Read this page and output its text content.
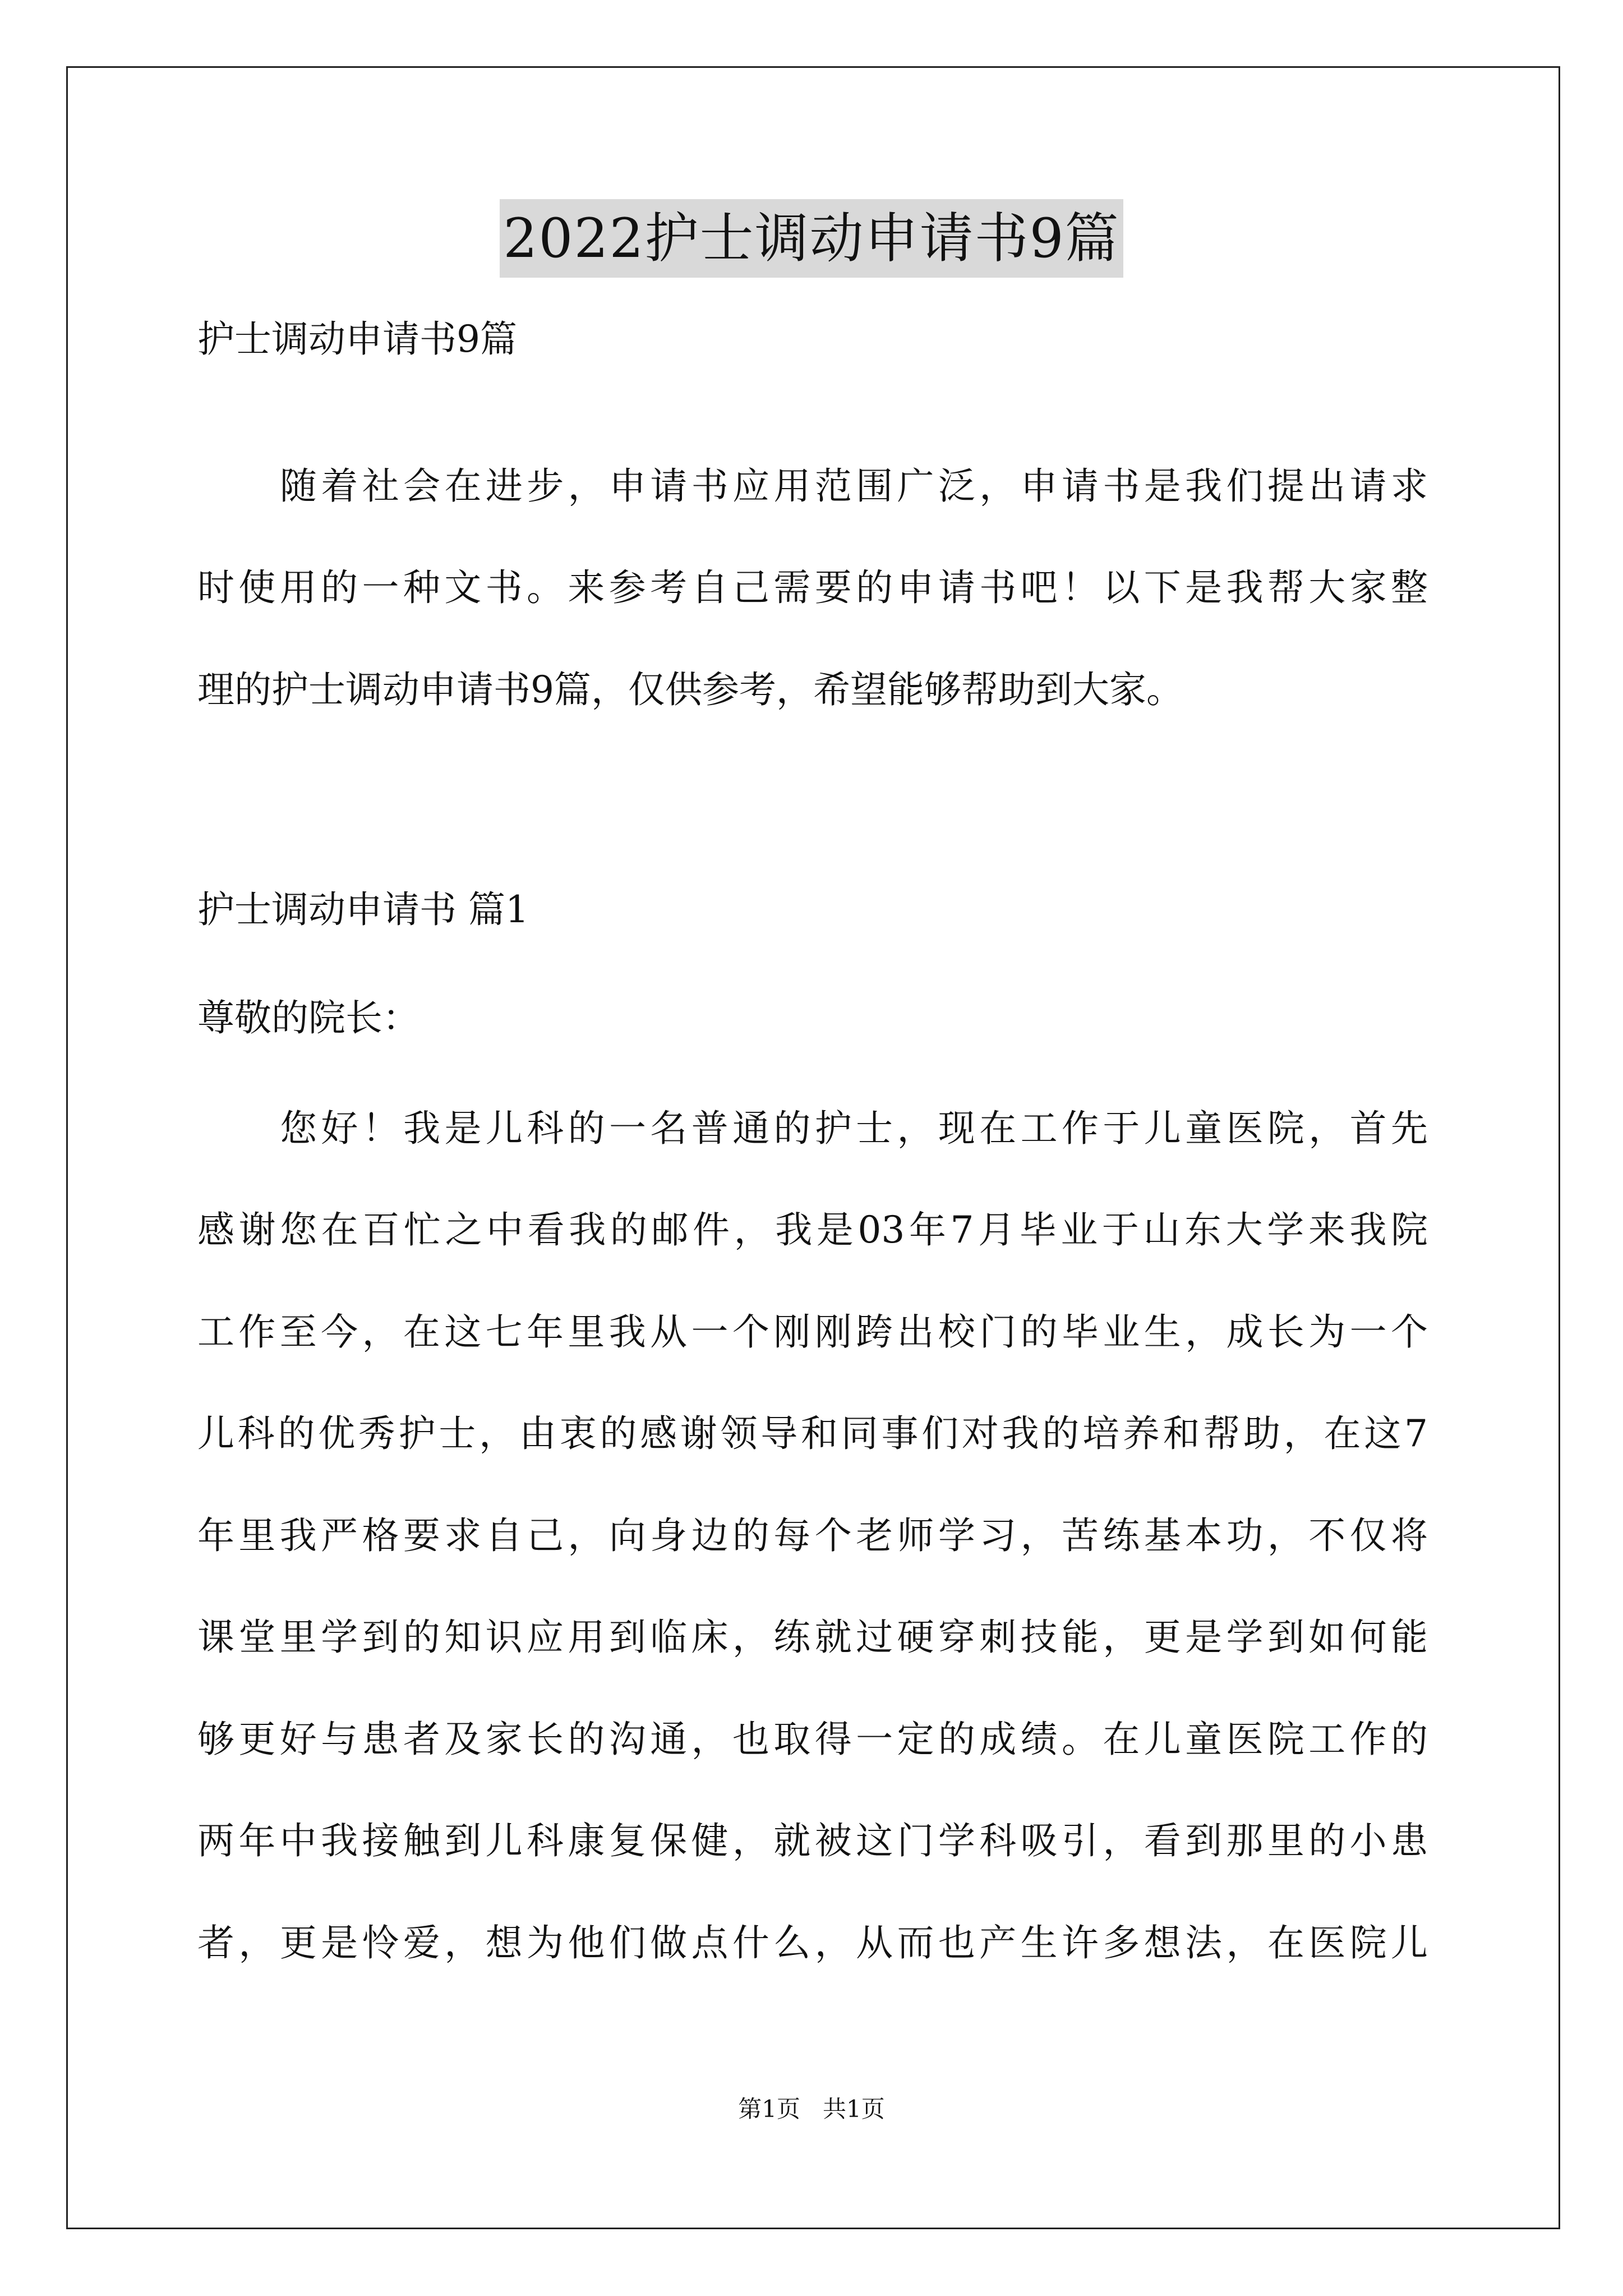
2022护士调动申请书9篇
护士调动申请书9篇
随着社会在进步，申请书应用范围广泛，申请书是我们提出请求
时使用的一种文书。来参考自己需要的申请书吧！以下是我帮大家整
理的护士调动申请书9篇，仅供参考，希望能够帮助到大家。
护士调动申请书 篇1
尊敬的院长：
您好！我是儿科的一名普通的护士，现在工作于儿童医院，首先
感谢您在百忙之中看我的邮件，我是03年7月毕业于山东大学来我院
工作至今，在这七年里我从一个刚刚跨出校门的毕业生，成长为一个
儿科的优秀护士，由衷的感谢领导和同事们对我的培养和帮助，在这7
年里我严格要求自己，向身边的每个老师学习，苦练基本功，不仅将
课堂里学到的知识应用到临床，练就过硬穿刺技能，更是学到如何能
够更好与患者及家长的沟通，也取得一定的成绩。在儿童医院工作的
两年中我接触到儿科康复保健，就被这门学科吸引，看到那里的小患
者，更是怜爱，想为他们做点什么，从而也产生许多想法，在医院儿
第1页   共1页
